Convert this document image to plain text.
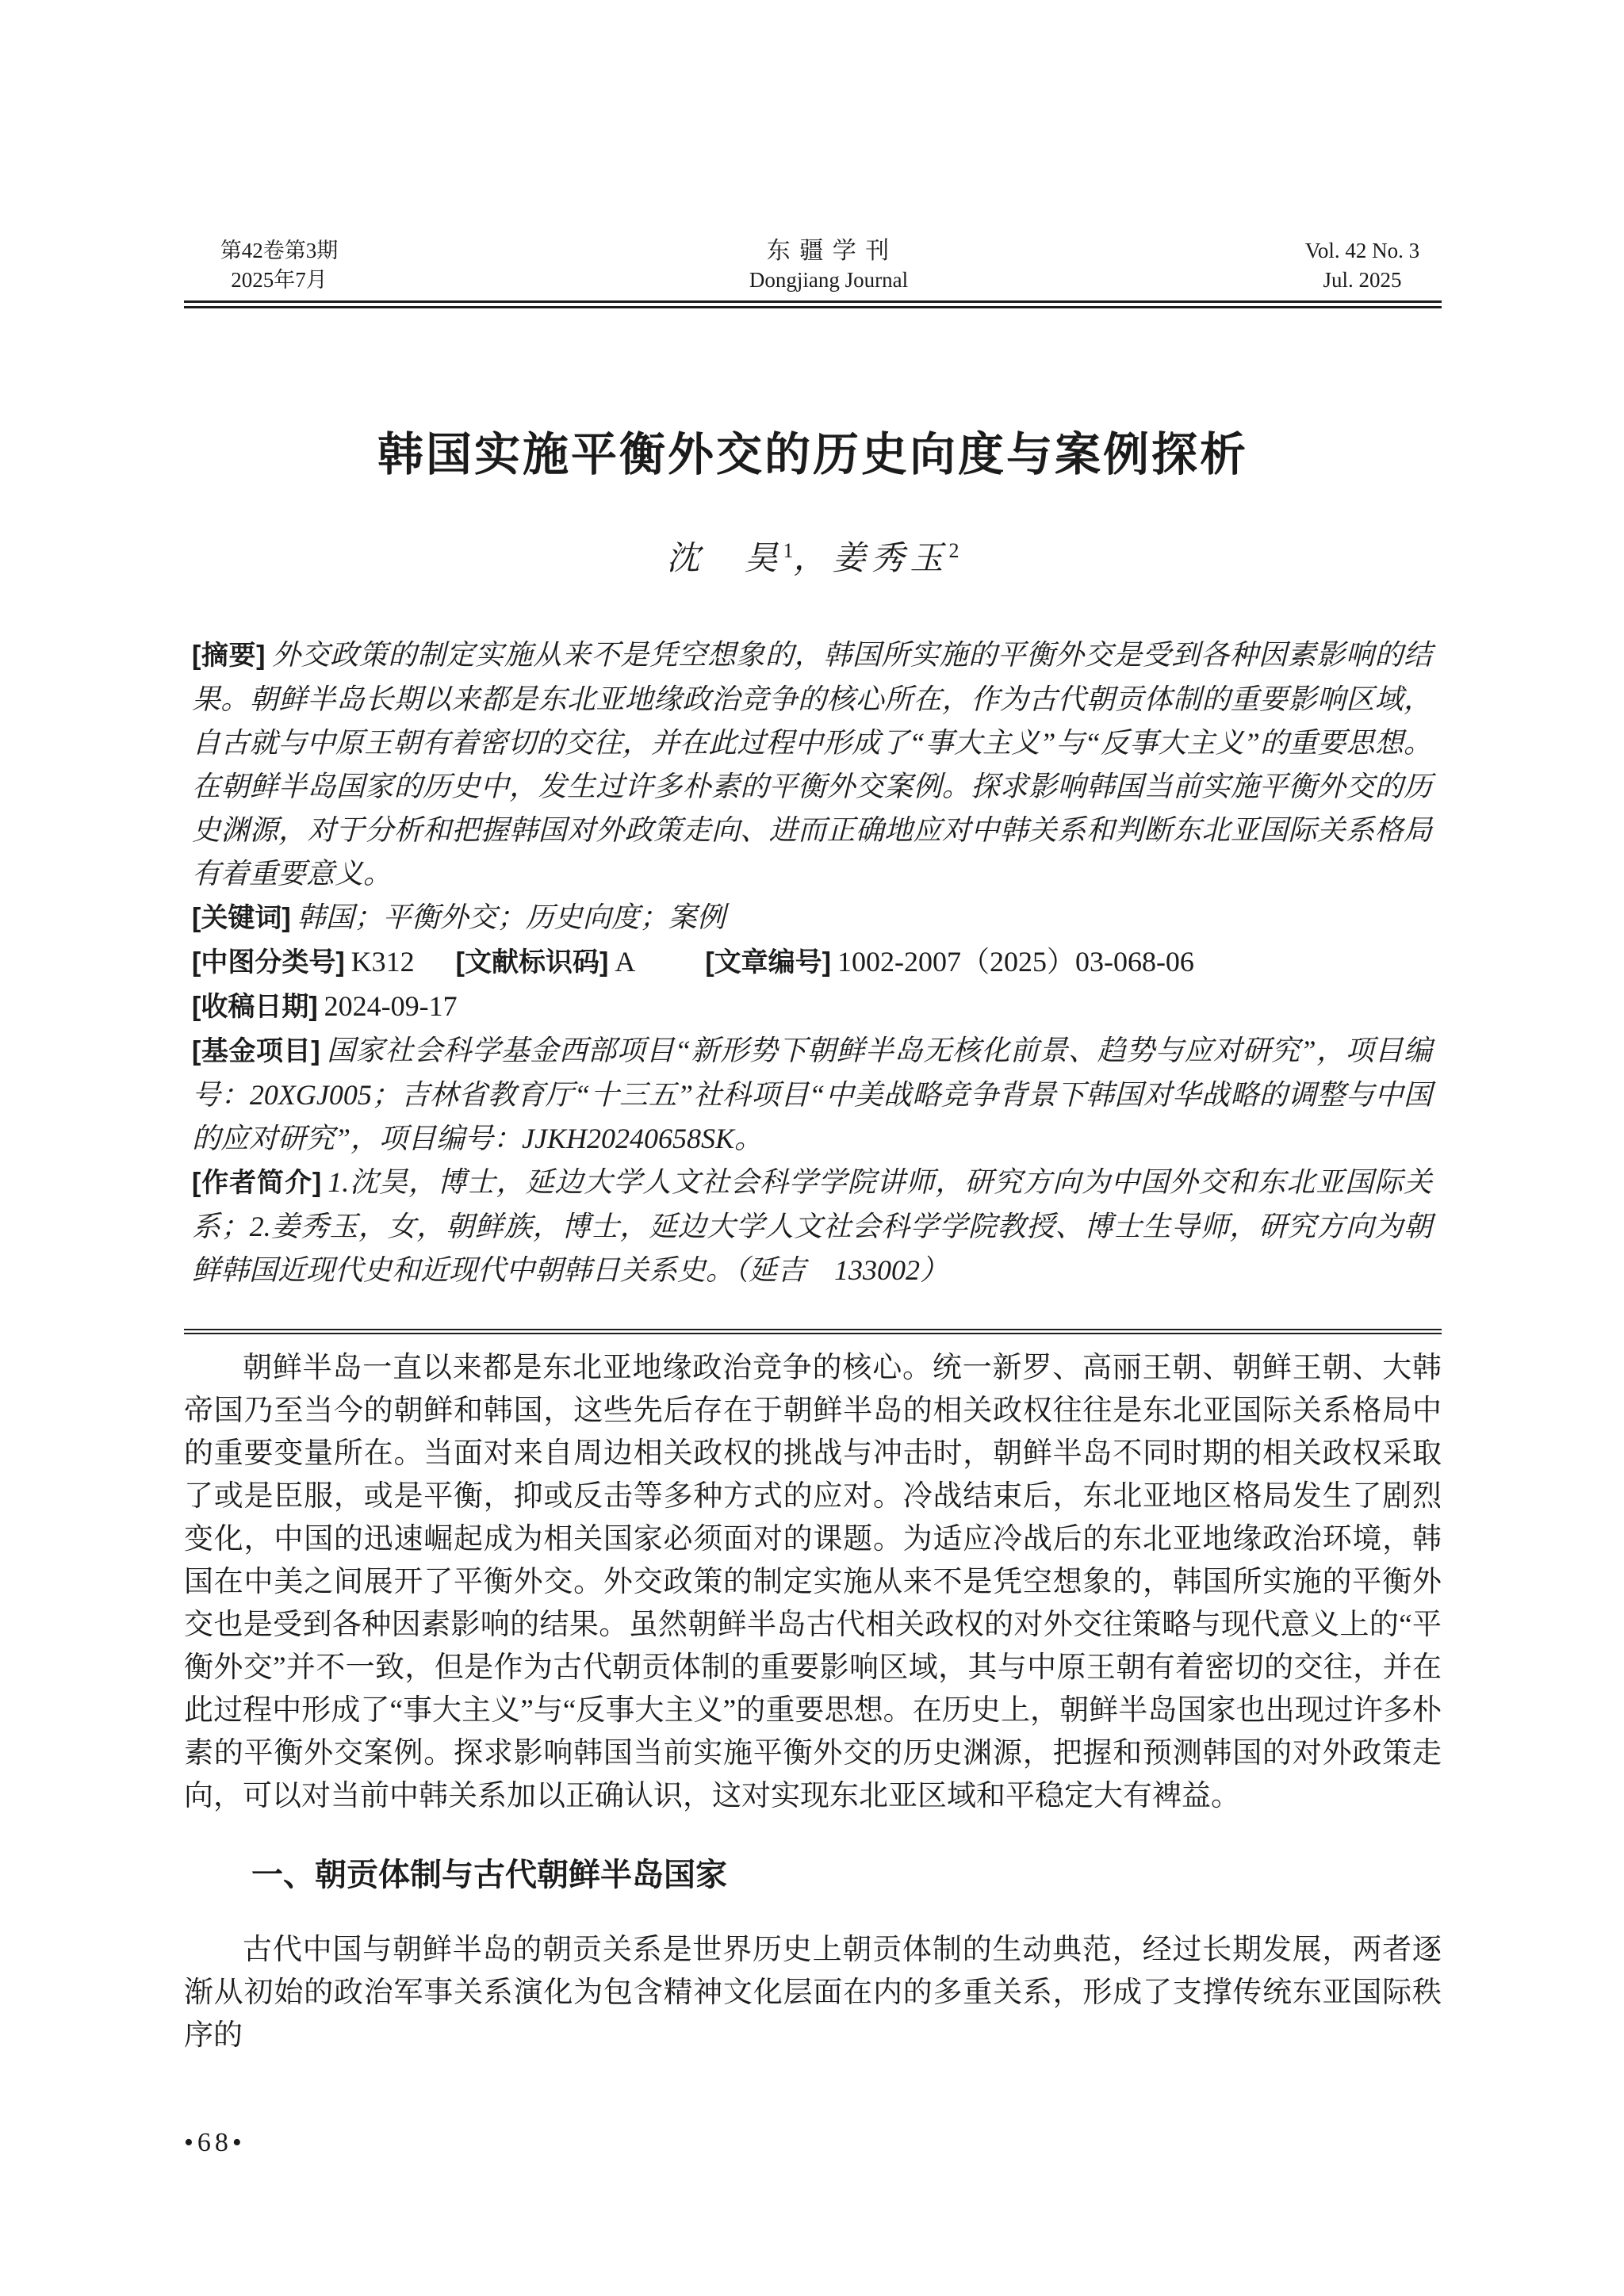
第42卷第3期
2025年7月
东 疆 学 刊
Dongjiang Journal
Vol. 42 No. 3
Jul. 2025
韩国实施平衡外交的历史向度与案例探析
沈　昊$^1$，姜秀玉$^2$

[摘要] 外交政策的制定实施从来不是凭空想象的，韩国所实施的平衡外交是受到各种因素影响的结果。朝鲜半岛长期以来都是东北亚地缘政治竞争的核心所在，作为古代朝贡体制的重要影响区域，自古就与中原王朝有着密切的交往，并在此过程中形成了“事大主义”与“反事大主义”的重要思想。在朝鲜半岛国家的历史中，发生过许多朴素的平衡外交案例。探求影响韩国当前实施平衡外交的历史渊源，对于分析和把握韩国对外政策走向、进而正确地应对中韩关系和判断东北亚国际关系格局有着重要意义。

[关键词] 韩国；平衡外交；历史向度；案例

[中图分类号] K312 [文献标识码] A	[文章编号] 1002-2007（2025）03-068-06

[收稿日期] 2024-09-17

[基金项目] 国家社会科学基金西部项目“新形势下朝鲜半岛无核化前景、趋势与应对研究”，项目编号：20XGJ005；吉林省教育厅“十三五”社科项目“中美战略竞争背景下韩国对华战略的调整与中国的应对研究”，项目编号：JJKH20240658SK。

[作者简介] 1.沈昊，博士，延边大学人文社会科学学院讲师，研究方向为中国外交和东北亚国际关系；2.姜秀玉，女，朝鲜族，博士，延边大学人文社会科学学院教授、博士生导师，研究方向为朝鲜韩国近现代史和近现代中朝韩日关系史。（延吉　133002）

朝鲜半岛一直以来都是东北亚地缘政治竞争的核心。统一新罗、高丽王朝、朝鲜王朝、大韩帝国乃至当今的朝鲜和韩国，这些先后存在于朝鲜半岛的相关政权往往是东北亚国际关系格局中的重要变量所在。当面对来自周边相关政权的挑战与冲击时，朝鲜半岛不同时期的相关政权采取了或是臣服，或是平衡，抑或反击等多种方式的应对。冷战结束后，东北亚地区格局发生了剧烈变化，中国的迅速崛起成为相关国家必须面对的课题。为适应冷战后的东北亚地缘政治环境，韩国在中美之间展开了平衡外交。外交政策的制定实施从来不是凭空想象的，韩国所实施的平衡外交也是受到各种因素影响的结果。虽然朝鲜半岛古代相关政权的对外交往策略与现代意义上的“平衡外交”并不一致，但是作为古代朝贡体制的重要影响区域，其与中原王朝有着密切的交往，并在此过程中形成了“事大主义”与“反事大主义”的重要思想。在历史上，朝鲜半岛国家也出现过许多朴素的平衡外交案例。探求影响韩国当前实施平衡外交的历史渊源，把握和预测韩国的对外政策走向，可以对当前中韩关系加以正确认识，这对实现东北亚区域和平稳定大有裨益。

一、朝贡体制与古代朝鲜半岛国家

古代中国与朝鲜半岛的朝贡关系是世界历史上朝贡体制的生动典范，经过长期发展，两者逐渐从初始的政治军事关系演化为包含精神文化层面在内的多重关系，形成了支撑传统东亚国际秩序的

•68•
